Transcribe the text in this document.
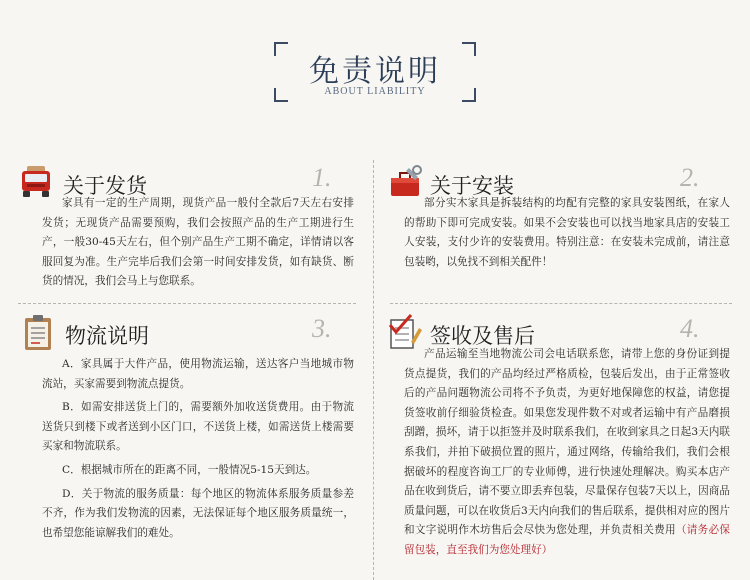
免责说明
ABOUT LIABILITY
关于发货	1.
家具有一定的生产周期，现货产品一般付全款后7天左右安排发货；无现货产品需要预购，我们会按照产品的生产工期进行生产，一般30-45天左右，但个别产品生产工期不确定，详情请以客服回复为准。生产完毕后我们会第一时间安排发货，如有缺货、断货的情况，我们会马上与您联系。
关于安装	2.
部分实木家具是拆装结构的均配有完整的家具安装图纸，在家人的帮助下即可完成安装。如果不会安装也可以找当地家具店的安装工人安装，支付少许的安装费用。特别注意：在安装未完成前，请注意包装哟，以免找不到相关配件！
物流说明	3.

A．家具属于大件产品，使用物流运输，送达客户当地城市物流站，买家需要到物流点提货。

B．如需安排送货上门的，需要额外加收送货费用。由于物流送货只到楼下或者送到小区门口，不送货上楼，如需送货上楼需要买家和物流联系。

C．根据城市所在的距离不同，一般情况5-15天到达。

D．关于物流的服务质量：每个地区的物流体系服务质量参差不齐，作为我们发物流的因素，无法保证每个地区服务质量统一，也希望您能谅解我们的难处。

签收及售后	4.
产品运输至当地物流公司会电话联系您，请带上您的身份证到提货点提货，我们的产品均经过严格质检，包装后发出，由于正常签收后的产品问题物流公司将不予负责，为更好地保障您的权益，请您提货签收前仔细验货检查。如果您发现件数不对或者运输中有产品磨损刮蹭，损坏，请于以拒签并及时联系我们，在收到家具之日起3天内联系我们，并拍下破损位置的照片，通过网络，传输给我们，我们会根据破坏的程度咨询工厂的专业师傅，进行快速处理解决。购买本店产品在收到货后，请不要立即丢弃包装，尽量保存包装7天以上，因商品质量问题，可以在收货后3天内向我们的售后联系，提供相对应的图片和文字说明作木坊售后会尽快为您处理，并负责相关费用（请务必保留包装，直至我们为您处理好）
